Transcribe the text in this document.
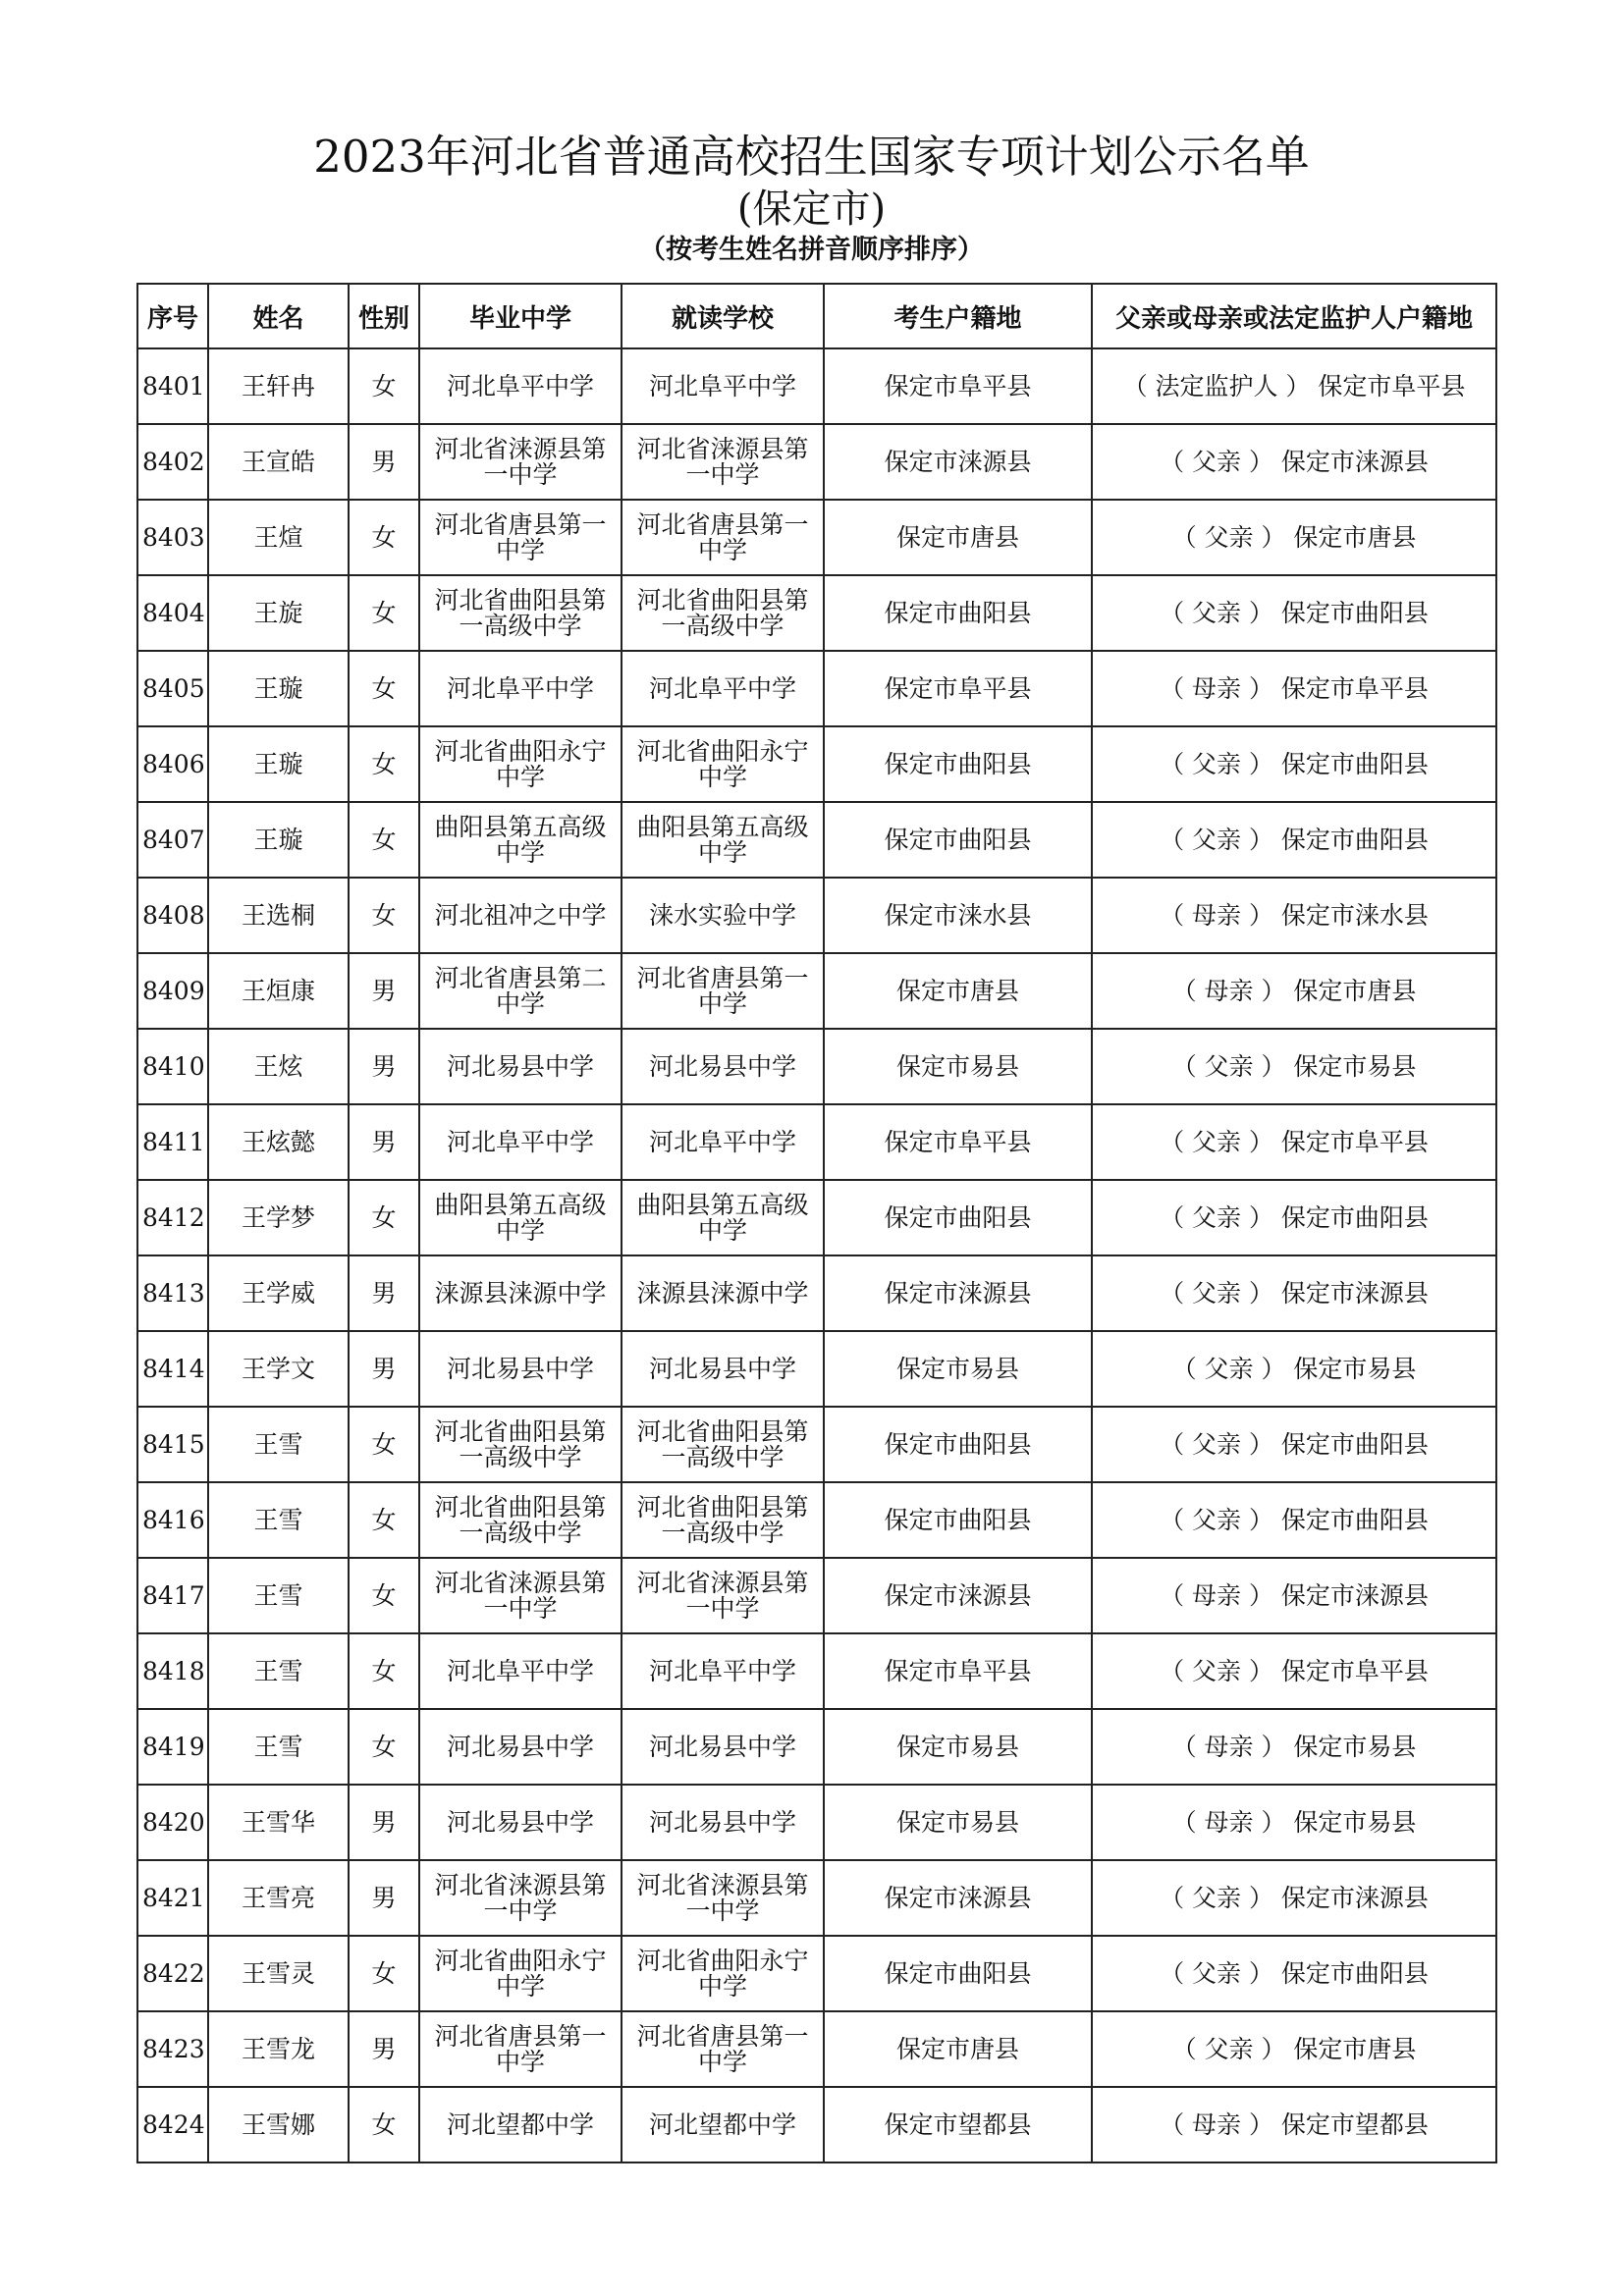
2023年河北省普通高校招生国家专项计划公示名单
(保定市)
（按考生姓名拼音顺序排序）
序号	姓名	性别	毕业中学	就读学校	考生户籍地	父亲或母亲或法定监护人户籍地
8401	王轩冉	女	河北阜平中学	河北阜平中学	保定市阜平县	（ 法定监护人 ） 保定市阜平县
8402	王宣皓	男	河北省涞源县第一中学	河北省涞源县第一中学	保定市涞源县	（ 父亲 ） 保定市涞源县
8403	王煊	女	河北省唐县第一中学	河北省唐县第一中学	保定市唐县	（ 父亲 ） 保定市唐县
8404	王旋	女	河北省曲阳县第一高级中学	河北省曲阳县第一高级中学	保定市曲阳县	（ 父亲 ） 保定市曲阳县
8405	王璇	女	河北阜平中学	河北阜平中学	保定市阜平县	（ 母亲 ） 保定市阜平县
8406	王璇	女	河北省曲阳永宁中学	河北省曲阳永宁中学	保定市曲阳县	（ 父亲 ） 保定市曲阳县
8407	王璇	女	曲阳县第五高级中学	曲阳县第五高级中学	保定市曲阳县	（ 父亲 ） 保定市曲阳县
8408	王选桐	女	河北祖冲之中学	涞水实验中学	保定市涞水县	（ 母亲 ） 保定市涞水县
8409	王烜康	男	河北省唐县第二中学	河北省唐县第一中学	保定市唐县	（ 母亲 ） 保定市唐县
8410	王炫	男	河北易县中学	河北易县中学	保定市易县	（ 父亲 ） 保定市易县
8411	王炫懿	男	河北阜平中学	河北阜平中学	保定市阜平县	（ 父亲 ） 保定市阜平县
8412	王学梦	女	曲阳县第五高级中学	曲阳县第五高级中学	保定市曲阳县	（ 父亲 ） 保定市曲阳县
8413	王学威	男	涞源县涞源中学	涞源县涞源中学	保定市涞源县	（ 父亲 ） 保定市涞源县
8414	王学文	男	河北易县中学	河北易县中学	保定市易县	（ 父亲 ） 保定市易县
8415	王雪	女	河北省曲阳县第一高级中学	河北省曲阳县第一高级中学	保定市曲阳县	（ 父亲 ） 保定市曲阳县
8416	王雪	女	河北省曲阳县第一高级中学	河北省曲阳县第一高级中学	保定市曲阳县	（ 父亲 ） 保定市曲阳县
8417	王雪	女	河北省涞源县第一中学	河北省涞源县第一中学	保定市涞源县	（ 母亲 ） 保定市涞源县
8418	王雪	女	河北阜平中学	河北阜平中学	保定市阜平县	（ 父亲 ） 保定市阜平县
8419	王雪	女	河北易县中学	河北易县中学	保定市易县	（ 母亲 ） 保定市易县
8420	王雪华	男	河北易县中学	河北易县中学	保定市易县	（ 母亲 ） 保定市易县
8421	王雪亮	男	河北省涞源县第一中学	河北省涞源县第一中学	保定市涞源县	（ 父亲 ） 保定市涞源县
8422	王雪灵	女	河北省曲阳永宁中学	河北省曲阳永宁中学	保定市曲阳县	（ 父亲 ） 保定市曲阳县
8423	王雪龙	男	河北省唐县第一中学	河北省唐县第一中学	保定市唐县	（ 父亲 ） 保定市唐县
8424	王雪娜	女	河北望都中学	河北望都中学	保定市望都县	（ 母亲 ） 保定市望都县
